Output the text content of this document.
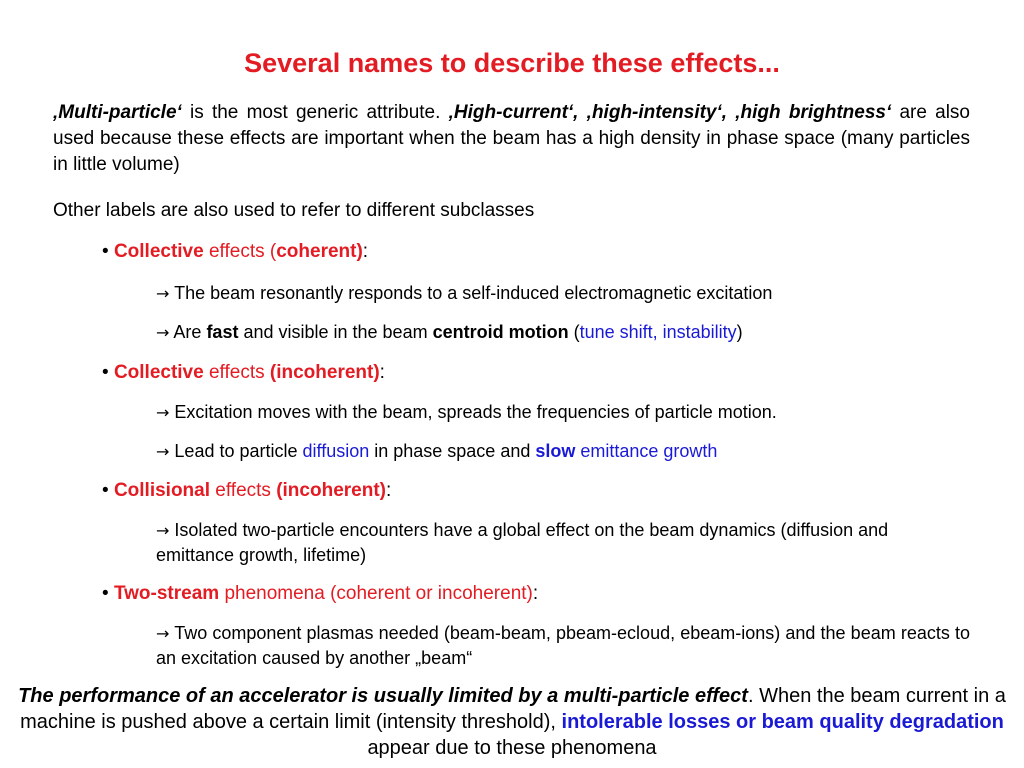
Several names to describe these effects...
‚Multi-particle‘ is the most generic attribute. ‚High-current‘, ‚high-intensity‘, ‚high brightness‘ are also used because these effects are important when the beam has a high density in phase space (many particles in little volume)
Other labels are also used to refer to different subclasses
• Collective effects (coherent):
→ The beam resonantly responds to a self-induced electromagnetic excitation
→ Are fast and visible in the beam centroid motion (tune shift, instability)
• Collective effects (incoherent):
→ Excitation moves with the beam, spreads the frequencies of particle motion.
→ Lead to particle diffusion in phase space and slow emittance growth
• Collisional effects (incoherent):
→ Isolated two-particle encounters have a global effect on the beam dynamics (diffusion and emittance growth, lifetime)
• Two-stream phenomena (coherent or incoherent):
→ Two component plasmas needed (beam-beam, pbeam-ecloud, ebeam-ions) and the beam reacts to an excitation caused by another „beam“
The performance of an accelerator is usually limited by a multi-particle effect. When the beam current in a machine is pushed above a certain limit (intensity threshold), intolerable losses or beam quality degradation appear due to these phenomena
